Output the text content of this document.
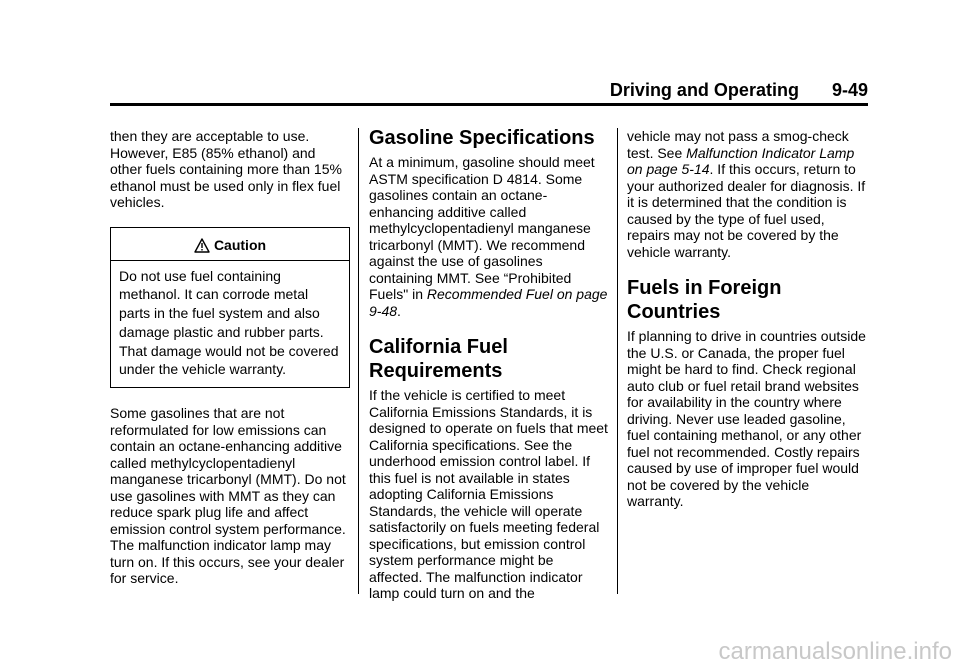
Driving and Operating 9-49

then they are acceptable to use. However, E85 (85% ethanol) and other fuels containing more than 15% ethanol must be used only in flex fuel vehicles.

Caution
Do not use fuel containing methanol. It can corrode metal parts in the fuel system and also damage plastic and rubber parts. That damage would not be covered under the vehicle warranty.

Some gasolines that are not reformulated for low emissions can contain an octane-enhancing additive called methylcyclopentadienyl manganese tricarbonyl (MMT). Do not use gasolines with MMT as they can reduce spark plug life and affect emission control system performance. The malfunction indicator lamp may turn on. If this occurs, see your dealer for service.

Gasoline Specifications

At a minimum, gasoline should meet ASTM specification D 4814. Some gasolines contain an octane-enhancing additive called methylcyclopentadienyl manganese tricarbonyl (MMT). We recommend against the use of gasolines containing MMT. See “Prohibited Fuels" in Recommended Fuel on page 9-48.

California Fuel Requirements

If the vehicle is certified to meet California Emissions Standards, it is designed to operate on fuels that meet California specifications. See the underhood emission control label. If this fuel is not available in states adopting California Emissions Standards, the vehicle will operate satisfactorily on fuels meeting federal specifications, but emission control system performance might be affected. The malfunction indicator lamp could turn on and the

vehicle may not pass a smog-check test. See Malfunction Indicator Lamp on page 5-14. If this occurs, return to your authorized dealer for diagnosis. If it is determined that the condition is caused by the type of fuel used, repairs may not be covered by the vehicle warranty.

Fuels in Foreign Countries

If planning to drive in countries outside the U.S. or Canada, the proper fuel might be hard to find. Check regional auto club or fuel retail brand websites for availability in the country where driving. Never use leaded gasoline, fuel containing methanol, or any other fuel not recommended. Costly repairs caused by use of improper fuel would not be covered by the vehicle warranty.

carmanualsonline.info
